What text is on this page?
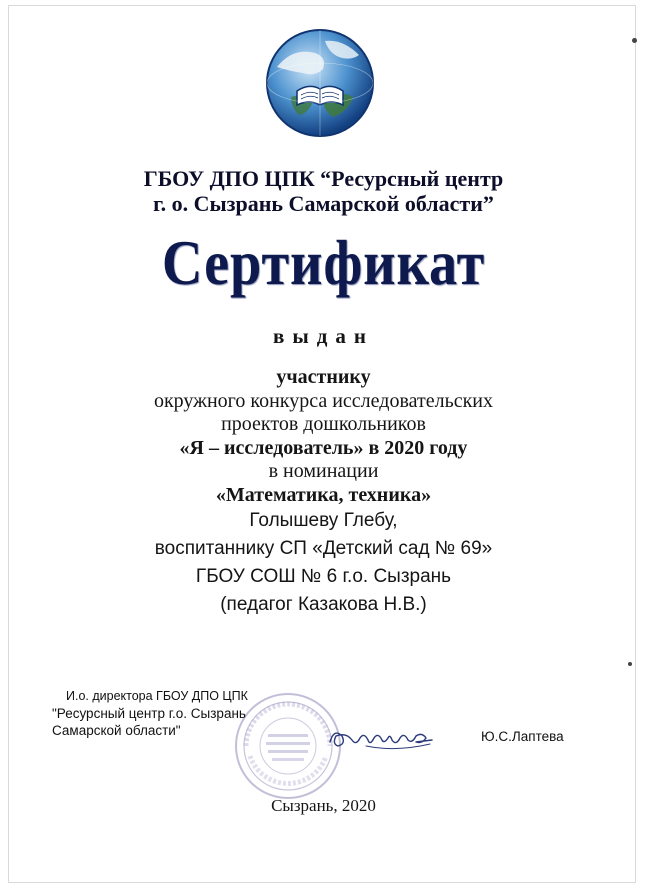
ГБОУ ДПО ЦПК “Ресурсный центр
г. о. Сызрань Самарской области”
Сертификат
выдан
участнику
окружного конкурса исследовательских
проектов дошкольников
«Я – исследователь» в 2020 году
в номинации
«Математика, техника»
Голышеву Глебу,
воспитаннику СП «Детский сад № 69»
ГБОУ СОШ № 6 г.о. Сызрань
(педагог Казакова Н.В.)
И.о. директора ГБОУ ДПО ЦПК
"Ресурсный центр г.о. Сызрань
Самарской области"	Ю.С.Лаптева
Сызрань, 2020
